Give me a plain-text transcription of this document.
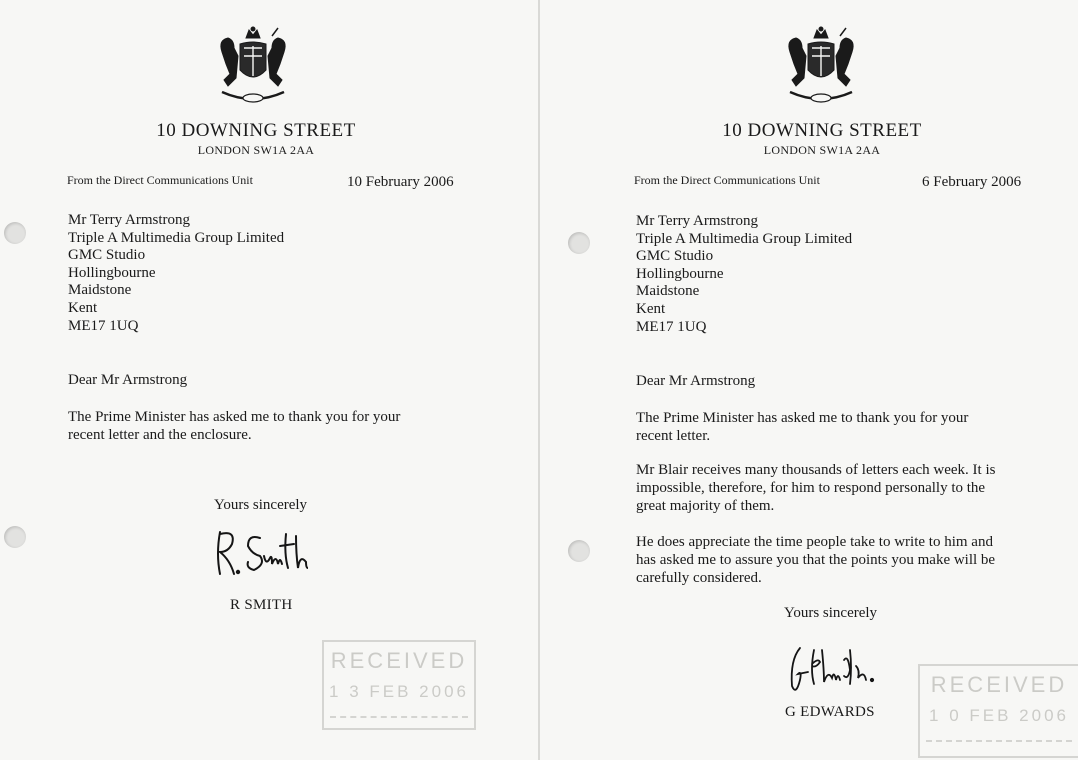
10 DOWNING STREET
LONDON SW1A 2AA
From the Direct Communications Unit	10 February 2006
Mr Terry Armstrong
Triple A Multimedia Group Limited
GMC Studio
Hollingbourne
Maidstone
Kent
ME17 1UQ
Dear Mr Armstrong
The Prime Minister has asked me to thank you for your recent letter and the enclosure.
Yours sincerely
R SMITH
RECEIVED
1 3 FEB 2006
10 DOWNING STREET
LONDON SW1A 2AA
From the Direct Communications Unit	6 February 2006
Mr Terry Armstrong
Triple A Multimedia Group Limited
GMC Studio
Hollingbourne
Maidstone
Kent
ME17 1UQ
Dear Mr Armstrong
The Prime Minister has asked me to thank you for your recent letter.
Mr Blair receives many thousands of letters each week. It is impossible, therefore, for him to respond personally to the great majority of them.
He does appreciate the time people take to write to him and has asked me to assure you that the points you make will be carefully considered.
Yours sincerely
G EDWARDS
RECEIVED
1 0 FEB 2006
